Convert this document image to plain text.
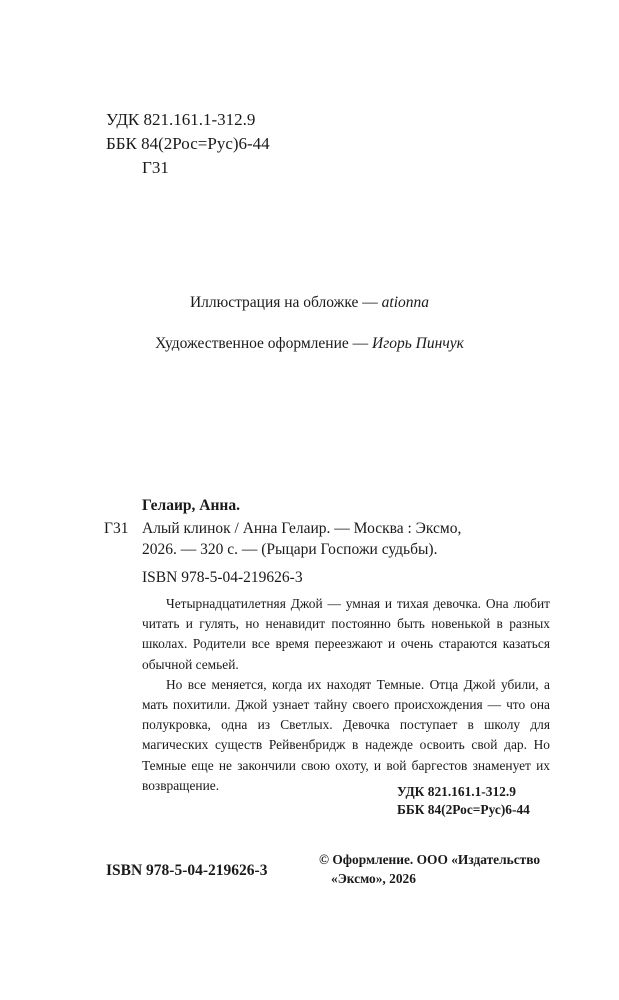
УДК 821.161.1-312.9
ББК 84(2Рос=Рус)6-44
Г31
Иллюстрация на обложке — ationna
Художественное оформление — Игорь Пинчук
Гелаир, Анна.
Г31 Алый клинок / Анна Гелаир. — Москва : Эксмо,
2026. — 320 с. — (Рыцари Госпожи судьбы).
ISBN 978-5-04-219626-3

Четырнадцатилетняя Джой — умная и тихая девочка. Она любит читать и гулять, но ненавидит постоянно быть новенькой в разных школах. Родители все время переезжают и очень стараются казаться обычной семьей.

Но все меняется, когда их находят Темные. Отца Джой убили, а мать похитили. Джой узнает тайну своего происхождения — что она полукровка, одна из Светлых. Девочка поступает в школу для магических существ Рейвенбридж в надежде освоить свой дар. Но Темные еще не закончили свою охоту, и вой баргестов знаменует их возвращение.	УДК 821.161.1-312.9
ББК 84(2Рос=Рус)6-44
ISBN 978-5-04-219626-3
© Оформление. ООО «Издательство
«Эксмо», 2026
